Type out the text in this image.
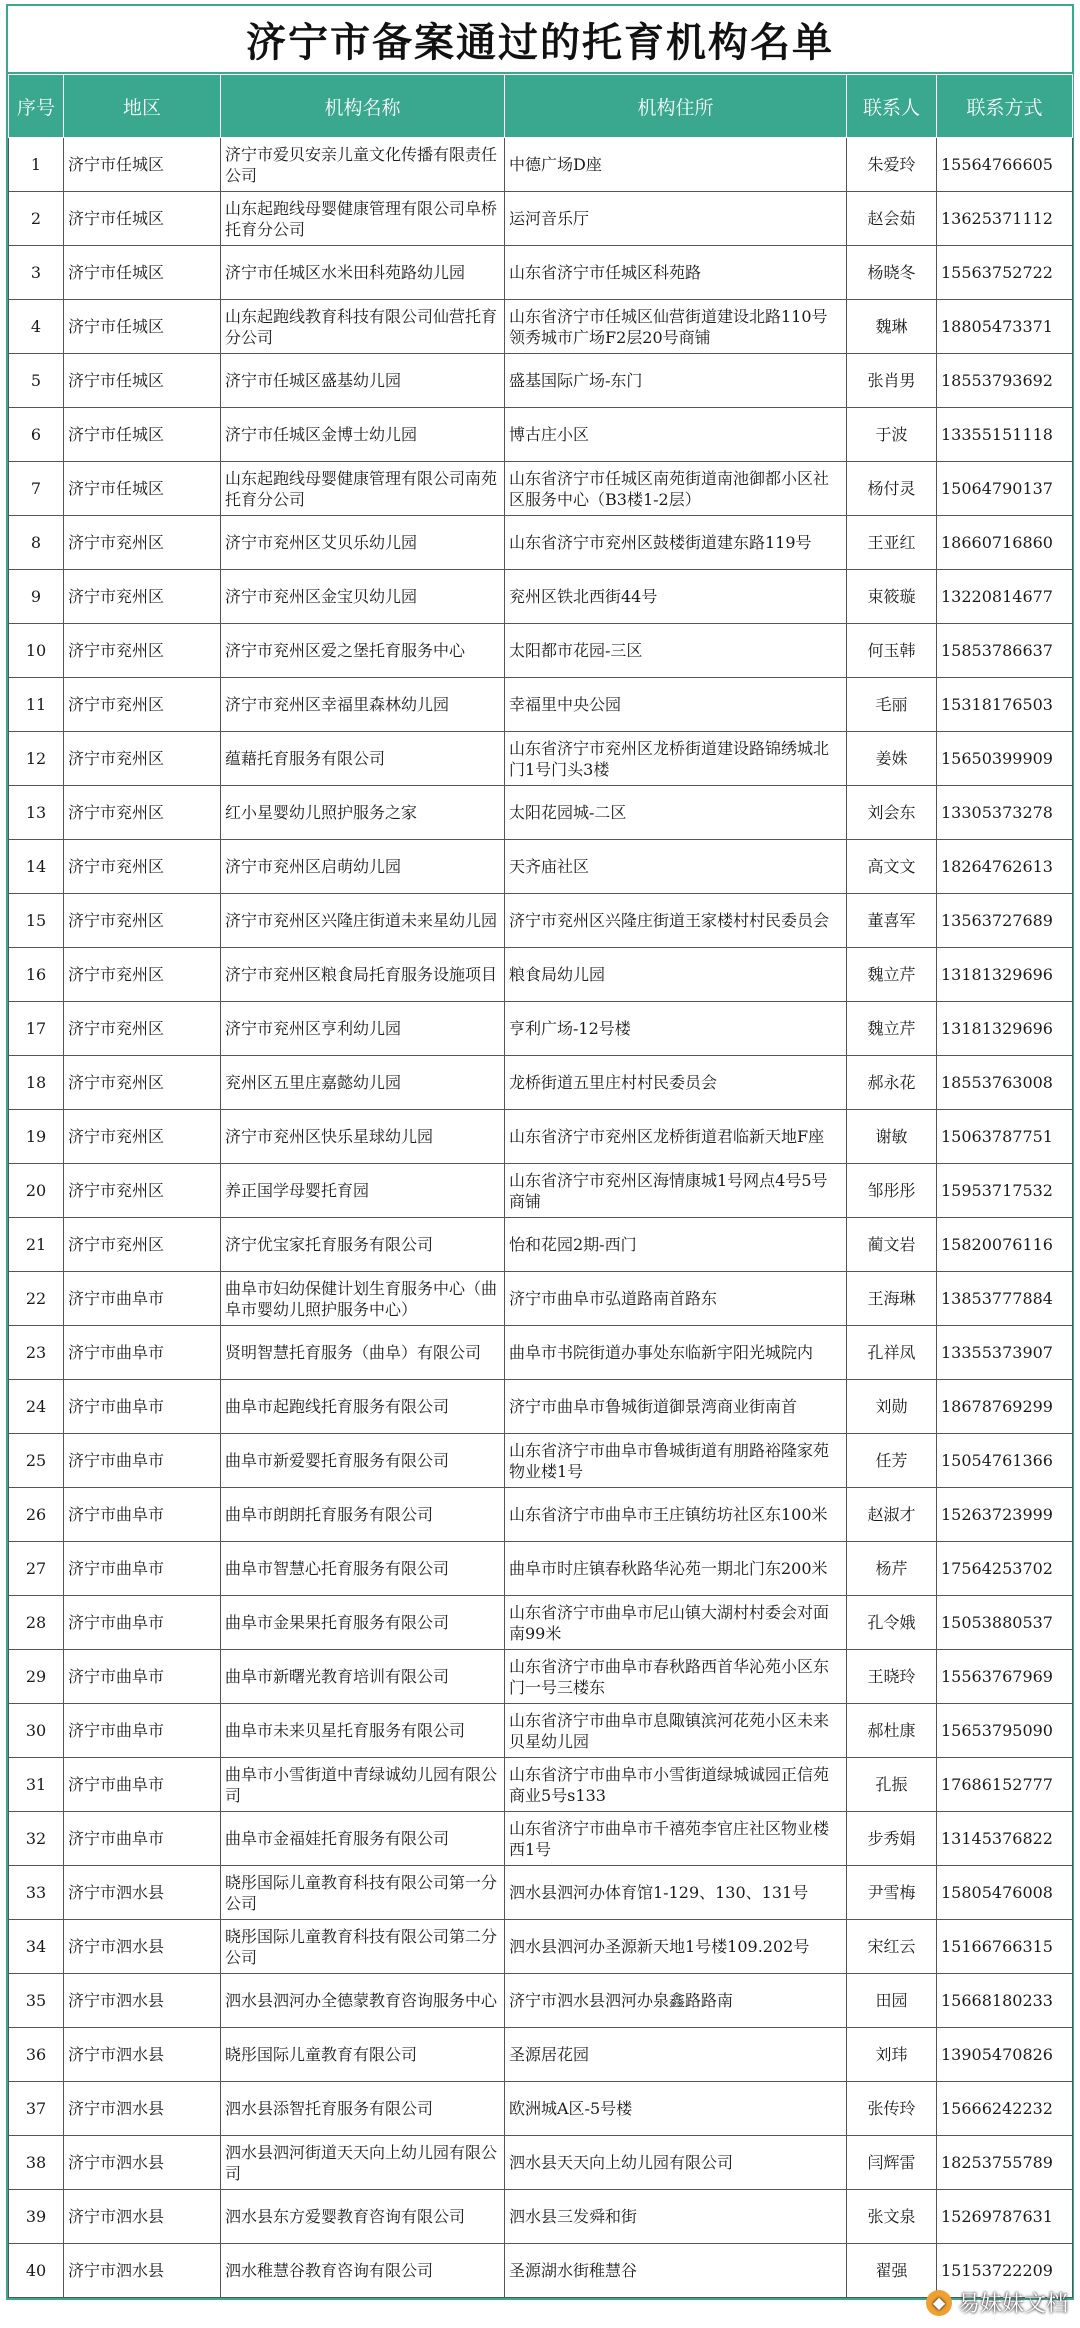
济宁市备案通过的托育机构名单
序号	地区	机构名称	机构住所	联系人	联系方式
1	济宁市任城区	济宁市爱贝安亲儿童文化传播有限责任公司	中德广场D座	朱爱玲	15564766605
2	济宁市任城区	山东起跑线母婴健康管理有限公司阜桥托育分公司	运河音乐厅	赵会茹	13625371112
3	济宁市任城区	济宁市任城区水米田科苑路幼儿园	山东省济宁市任城区科苑路	杨晓冬	15563752722
4	济宁市任城区	山东起跑线教育科技有限公司仙营托育分公司	山东省济宁市任城区仙营街道建设北路110号领秀城市广场F2层20号商铺	魏琳	18805473371
5	济宁市任城区	济宁市任城区盛基幼儿园	盛基国际广场-东门	张肖男	18553793692
6	济宁市任城区	济宁市任城区金博士幼儿园	博古庄小区	于波	13355151118
7	济宁市任城区	山东起跑线母婴健康管理有限公司南苑托育分公司	山东省济宁市任城区南苑街道南池御都小区社区服务中心（B3楼1-2层）	杨付灵	15064790137
8	济宁市兖州区	济宁市兖州区艾贝乐幼儿园	山东省济宁市兖州区鼓楼街道建东路119号	王亚红	18660716860
9	济宁市兖州区	济宁市兖州区金宝贝幼儿园	兖州区铁北西街44号	束筱璇	13220814677
10	济宁市兖州区	济宁市兖州区爱之堡托育服务中心	太阳都市花园-三区	何玉韩	15853786637
11	济宁市兖州区	济宁市兖州区幸福里森林幼儿园	幸福里中央公园	毛丽	15318176503
12	济宁市兖州区	蕴藉托育服务有限公司	山东省济宁市兖州区龙桥街道建设路锦绣城北门1号门头3楼	姜姝	15650399909
13	济宁市兖州区	红小星婴幼儿照护服务之家	太阳花园城-二区	刘会东	13305373278
14	济宁市兖州区	济宁市兖州区启萌幼儿园	天齐庙社区	高文文	18264762613
15	济宁市兖州区	济宁市兖州区兴隆庄街道未来星幼儿园	济宁市兖州区兴隆庄街道王家楼村村民委员会	董喜军	13563727689
16	济宁市兖州区	济宁市兖州区粮食局托育服务设施项目	粮食局幼儿园	魏立芹	13181329696
17	济宁市兖州区	济宁市兖州区亨利幼儿园	亨利广场-12号楼	魏立芹	13181329696
18	济宁市兖州区	兖州区五里庄嘉懿幼儿园	龙桥街道五里庄村村民委员会	郝永花	18553763008
19	济宁市兖州区	济宁市兖州区快乐星球幼儿园	山东省济宁市兖州区龙桥街道君临新天地F座	谢敏	15063787751
20	济宁市兖州区	养正国学母婴托育园	山东省济宁市兖州区海情康城1号网点4号5号商铺	邹彤彤	15953717532
21	济宁市兖州区	济宁优宝家托育服务有限公司	怡和花园2期-西门	蔺文岩	15820076116
22	济宁市曲阜市	曲阜市妇幼保健计划生育服务中心（曲阜市婴幼儿照护服务中心）	济宁市曲阜市弘道路南首路东	王海琳	13853777884
23	济宁市曲阜市	贤明智慧托育服务（曲阜）有限公司	曲阜市书院街道办事处东临新宇阳光城院内	孔祥凤	13355373907
24	济宁市曲阜市	曲阜市起跑线托育服务有限公司	济宁市曲阜市鲁城街道御景湾商业街南首	刘勋	18678769299
25	济宁市曲阜市	曲阜市新爱婴托育服务有限公司	山东省济宁市曲阜市鲁城街道有朋路裕隆家苑物业楼1号	任芳	15054761366
26	济宁市曲阜市	曲阜市朗朗托育服务有限公司	山东省济宁市曲阜市王庄镇纺坊社区东100米	赵淑才	15263723999
27	济宁市曲阜市	曲阜市智慧心托育服务有限公司	曲阜市时庄镇春秋路华沁苑一期北门东200米	杨芹	17564253702
28	济宁市曲阜市	曲阜市金果果托育服务有限公司	山东省济宁市曲阜市尼山镇大湖村村委会对面南99米	孔令娥	15053880537
29	济宁市曲阜市	曲阜市新曙光教育培训有限公司	山东省济宁市曲阜市春秋路西首华沁苑小区东门一号三楼东	王晓玲	15563767969
30	济宁市曲阜市	曲阜市未来贝星托育服务有限公司	山东省济宁市曲阜市息陬镇滨河花苑小区未来贝星幼儿园	郝杜康	15653795090
31	济宁市曲阜市	曲阜市小雪街道中青绿诚幼儿园有限公司	山东省济宁市曲阜市小雪街道绿城诚园正信苑商业5号s133	孔振	17686152777
32	济宁市曲阜市	曲阜市金福娃托育服务有限公司	山东省济宁市曲阜市千禧苑李官庄社区物业楼西1号	步秀娟	13145376822
33	济宁市泗水县	晓彤国际儿童教育科技有限公司第一分公司	泗水县泗河办体育馆1-129、130、131号	尹雪梅	15805476008
34	济宁市泗水县	晓彤国际儿童教育科技有限公司第二分公司	泗水县泗河办圣源新天地1号楼109.202号	宋红云	15166766315
35	济宁市泗水县	泗水县泗河办全德蒙教育咨询服务中心	济宁市泗水县泗河办泉鑫路路南	田园	15668180233
36	济宁市泗水县	晓彤国际儿童教育有限公司	圣源居花园	刘玮	13905470826
37	济宁市泗水县	泗水县添智托育服务有限公司	欧洲城A区-5号楼	张传玲	15666242232
38	济宁市泗水县	泗水县泗河街道天天向上幼儿园有限公司	泗水县天天向上幼儿园有限公司	闫辉雷	18253755789
39	济宁市泗水县	泗水县东方爱婴教育咨询有限公司	泗水县三发舜和街	张文泉	15269787631
40	济宁市泗水县	泗水稚慧谷教育咨询有限公司	圣源湖水街稚慧谷	翟强	15153722209
◆ 易妹妹文档
